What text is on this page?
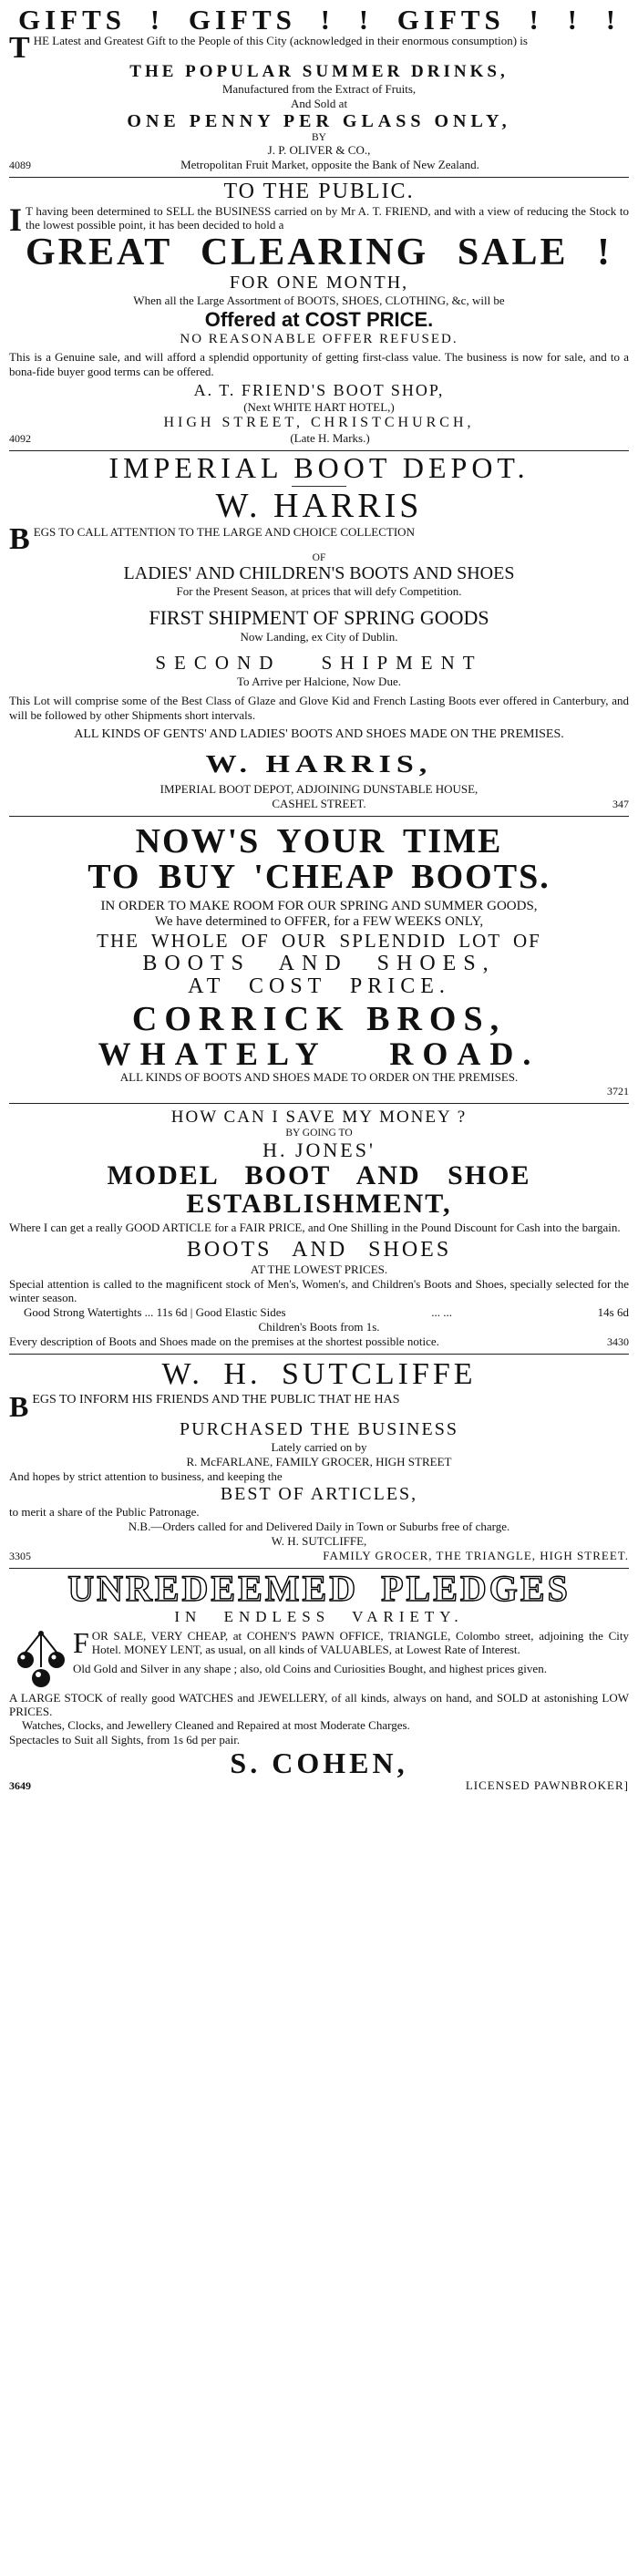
GIFTS ! GIFTS ! ! GIFTS ! ! !

THE Latest and Greatest Gift to the People of this City (acknowledged in their enormous consumption) is

THE POPULAR SUMMER DRINKS,
Manufactured from the Extract of Fruits,
And Sold at
ONE PENNY PER GLASS ONLY,
BY
J. P. OLIVER & CO.,
4089	Metropolitan Fruit Market, opposite the Bank of New Zealand.
TO THE PUBLIC.

I T having been determined to SELL the BUSINESS carried on by Mr A. T. FRIEND, and with a view of reducing the Stock to the lowest possible point, it has been decided to hold a

GREAT CLEARING SALE !
FOR ONE MONTH,
When all the Large Assortment of BOOTS, SHOES, CLOTHING, &c, will be
Offered at COST PRICE.
NO REASONABLE OFFER REFUSED.

This is a Genuine sale, and will afford a splendid opportunity of getting first-class value. The business is now for sale, and to a bona-fide buyer good terms can be offered.

A. T. FRIEND'S BOOT SHOP,
(Next WHITE HART HOTEL,)
HIGH STREET, CHRISTCHURCH,
4092	(Late H. Marks.)
IMPERIAL BOOT DEPOT.
W. HARRIS

BEGS TO CALL ATTENTION TO THE LARGE AND CHOICE COLLECTION

OF
LADIES' AND CHILDREN'S BOOTS AND SHOES
For the Present Season, at prices that will defy Competition.
FIRST SHIPMENT OF SPRING GOODS
Now Landing, ex City of Dublin.
SECOND SHIPMENT
To Arrive per Halcione, Now Due.

This Lot will comprise some of the Best Class of Glaze and Glove Kid and French Lasting Boots ever offered in Canterbury, and will be followed by other Shipments short intervals.

ALL KINDS OF GENTS' AND LADIES' BOOTS AND SHOES MADE ON THE PREMISES.
W. HARRIS,
IMPERIAL BOOT DEPOT, ADJOINING DUNSTABLE HOUSE,
CASHEL STREET.	347
NOW'S YOUR TIME
TO BUY 'CHEAP BOOTS.
IN ORDER TO MAKE ROOM FOR OUR SPRING AND SUMMER GOODS,
We have determined to OFFER, for a FEW WEEKS ONLY,
THE WHOLE OF OUR SPLENDID LOT OF
BOOTS AND SHOES,
AT COST PRICE.
CORRICK BROS,
WHATELY ROAD.
ALL KINDS OF BOOTS AND SHOES MADE TO ORDER ON THE PREMISES.
3721
HOW CAN I SAVE MY MONEY ?
BY GOING TO
H. JONES'
MODEL BOOT AND SHOE
ESTABLISHMENT,

Where I can get a really GOOD ARTICLE for a FAIR PRICE, and One Shilling in the Pound Discount for Cash into the bargain.

BOOTS AND SHOES
AT THE LOWEST PRICES.

Special attention is called to the magnificent stock of Men's, Women's, and Children's Boots and Shoes, specially selected for the winter season.

Good Strong Watertights ... 11s 6d | Good Elastic Sides	... ...	14s 6d
Children's Boots from 1s.

Every description of Boots and Shoes made on the premises at the shortest possible notice.	3430
W. H. SUTCLIFFE

BEGS TO INFORM HIS FRIENDS AND THE PUBLIC THAT HE HAS

PURCHASED THE BUSINESS
Lately carried on by
R. McFARLANE, FAMILY GROCER, HIGH STREET
And hopes by strict attention to business, and keeping the
BEST OF ARTICLES,
to merit a share of the Public Patronage.
N.B.—Orders called for and Delivered Daily in Town or Suburbs free of charge.
W. H. SUTCLIFFE,
3305	FAMILY GROCER, THE TRIANGLE, HIGH STREET.
UNREDEEMED PLEDGES
IN ENDLESS VARIETY.

FOR SALE, VERY CHEAP, at COHEN'S PAWN OFFICE, TRIANGLE, Colombo street, adjoining the City Hotel. MONEY LENT, as usual, on all kinds of VALUABLES, at Lowest Rate of Interest.

Old Gold and Silver in any shape ; also, old Coins and Curiosities Bought, and highest prices given.

A LARGE STOCK of really good WATCHES and JEWELLERY, of all kinds, always on hand, and SOLD at astonishing LOW PRICES.

Watches, Clocks, and Jewellery Cleaned and Repaired at most Moderate Charges.

Spectacles to Suit all Sights, from 1s 6d per pair.

S. COHEN,
3649	LICENSED PAWNBROKER]
